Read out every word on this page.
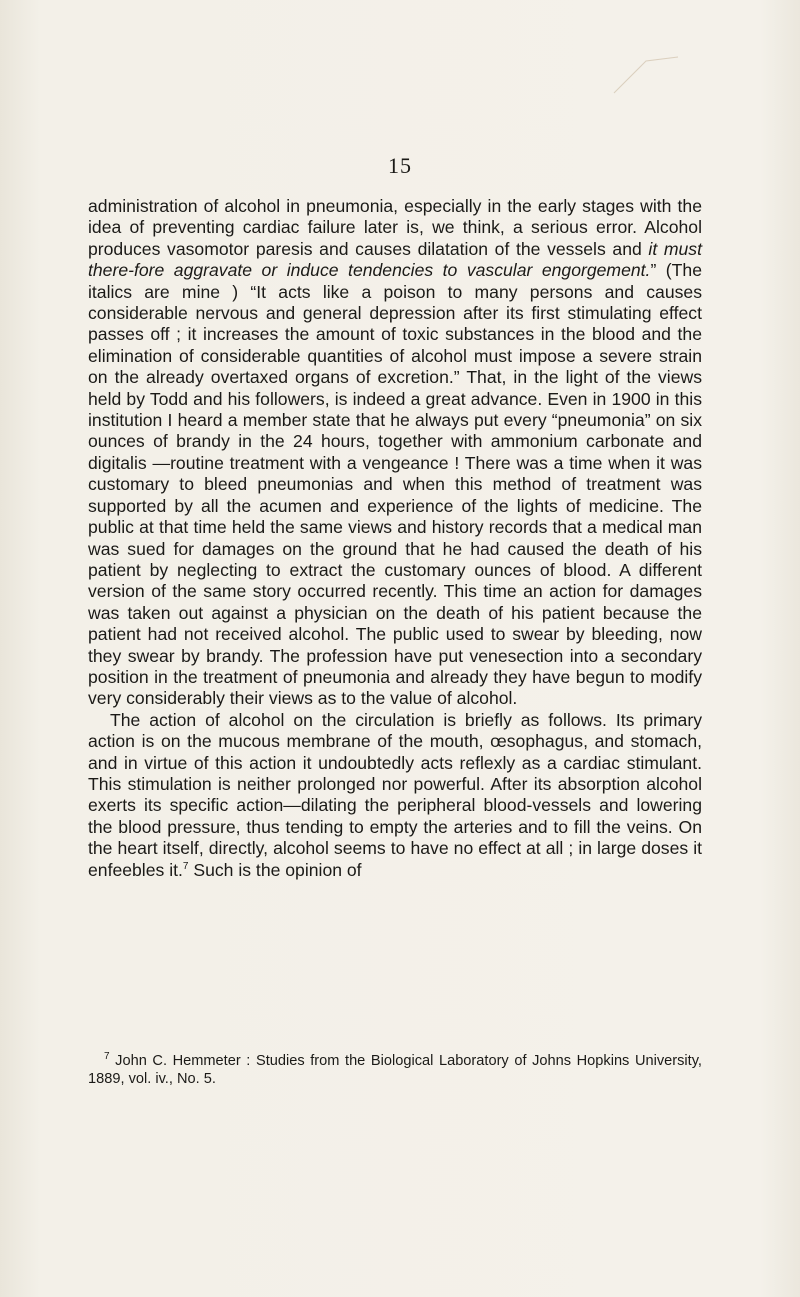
15

administration of alcohol in pneumonia, especially in the early stages with the idea of preventing cardiac failure later is, we think, a serious error. Alcohol produces vasomotor paresis and causes dilatation of the vessels and it must there-fore aggravate or induce tendencies to vascular engorgement.” (The italics are mine ) “It acts like a poison to many persons and causes considerable nervous and general depression after its first stimulating effect passes off ; it increases the amount of toxic substances in the blood and the elimination of considerable quantities of alcohol must impose a severe strain on the already overtaxed organs of excretion.” That, in the light of the views held by Todd and his followers, is indeed a great advance. Even in 1900 in this institution I heard a member state that he always put every “pneumonia” on six ounces of brandy in the 24 hours, together with ammonium carbonate and digitalis —routine treatment with a vengeance ! There was a time when it was customary to bleed pneumonias and when this method of treatment was supported by all the acumen and experience of the lights of medicine. The public at that time held the same views and history records that a medical man was sued for damages on the ground that he had caused the death of his patient by neglecting to extract the customary ounces of blood. A different version of the same story occurred recently. This time an action for damages was taken out against a physician on the death of his patient because the patient had not received alcohol. The public used to swear by bleeding, now they swear by brandy. The profession have put venesection into a secondary position in the treatment of pneumonia and already they have begun to modify very considerably their views as to the value of alcohol.

The action of alcohol on the circulation is briefly as follows. Its primary action is on the mucous membrane of the mouth, œsophagus, and stomach, and in virtue of this action it undoubtedly acts reflexly as a cardiac stimulant. This stimulation is neither prolonged nor powerful. After its absorption alcohol exerts its specific action—dilating the peripheral blood-vessels and lowering the blood pressure, thus tending to empty the arteries and to fill the veins. On the heart itself, directly, alcohol seems to have no effect at all ; in large doses it enfeebles it.$^7$ Such is the opinion of

$^7$ John C. Hemmeter : Studies from the Biological Laboratory of Johns Hopkins University, 1889, vol. iv., No. 5.
